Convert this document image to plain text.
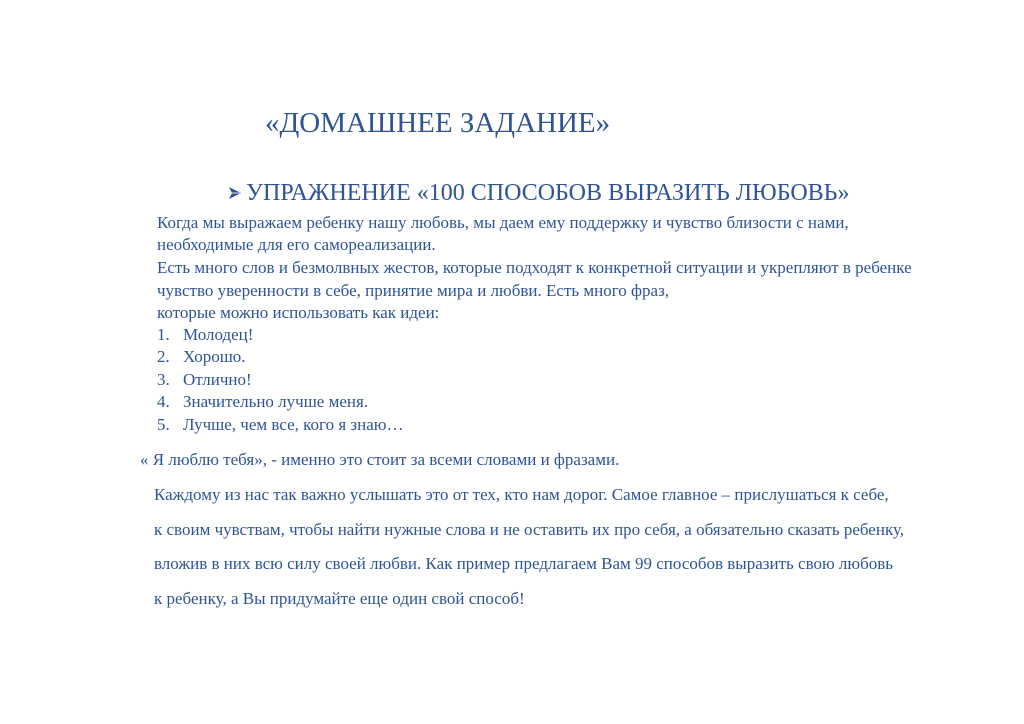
«ДОМАШНЕЕ ЗАДАНИЕ»
УПРАЖНЕНИЕ «100 СПОСОБОВ ВЫРАЗИТЬ ЛЮБОВЬ»

Когда мы выражаем ребенку нашу любовь, мы даем ему поддержку и чувство близости с нами,

необходимые для его самореализации.

Есть много слов и безмолвных жестов, которые подходят к конкретной ситуации и укрепляют в ребенке

чувство уверенности в себе, принятие мира и любви. Есть много фраз,

которые можно использовать как идеи:

1. Молодец!
2. Хорошо.
3. Отлично!
4. Значительно лучше меня.
5. Лучше, чем все, кого я знаю…

« Я люблю тебя», - именно это стоит за всеми словами и фразами.

Каждому из нас так важно услышать это от тех, кто нам дорог. Самое главное – прислушаться к себе,

к своим чувствам, чтобы найти нужные слова и не оставить их про себя, а обязательно сказать ребенку,

вложив в них всю силу своей любви. Как пример предлагаем Вам 99 способов выразить свою любовь

к ребенку, а Вы придумайте еще один свой способ!
